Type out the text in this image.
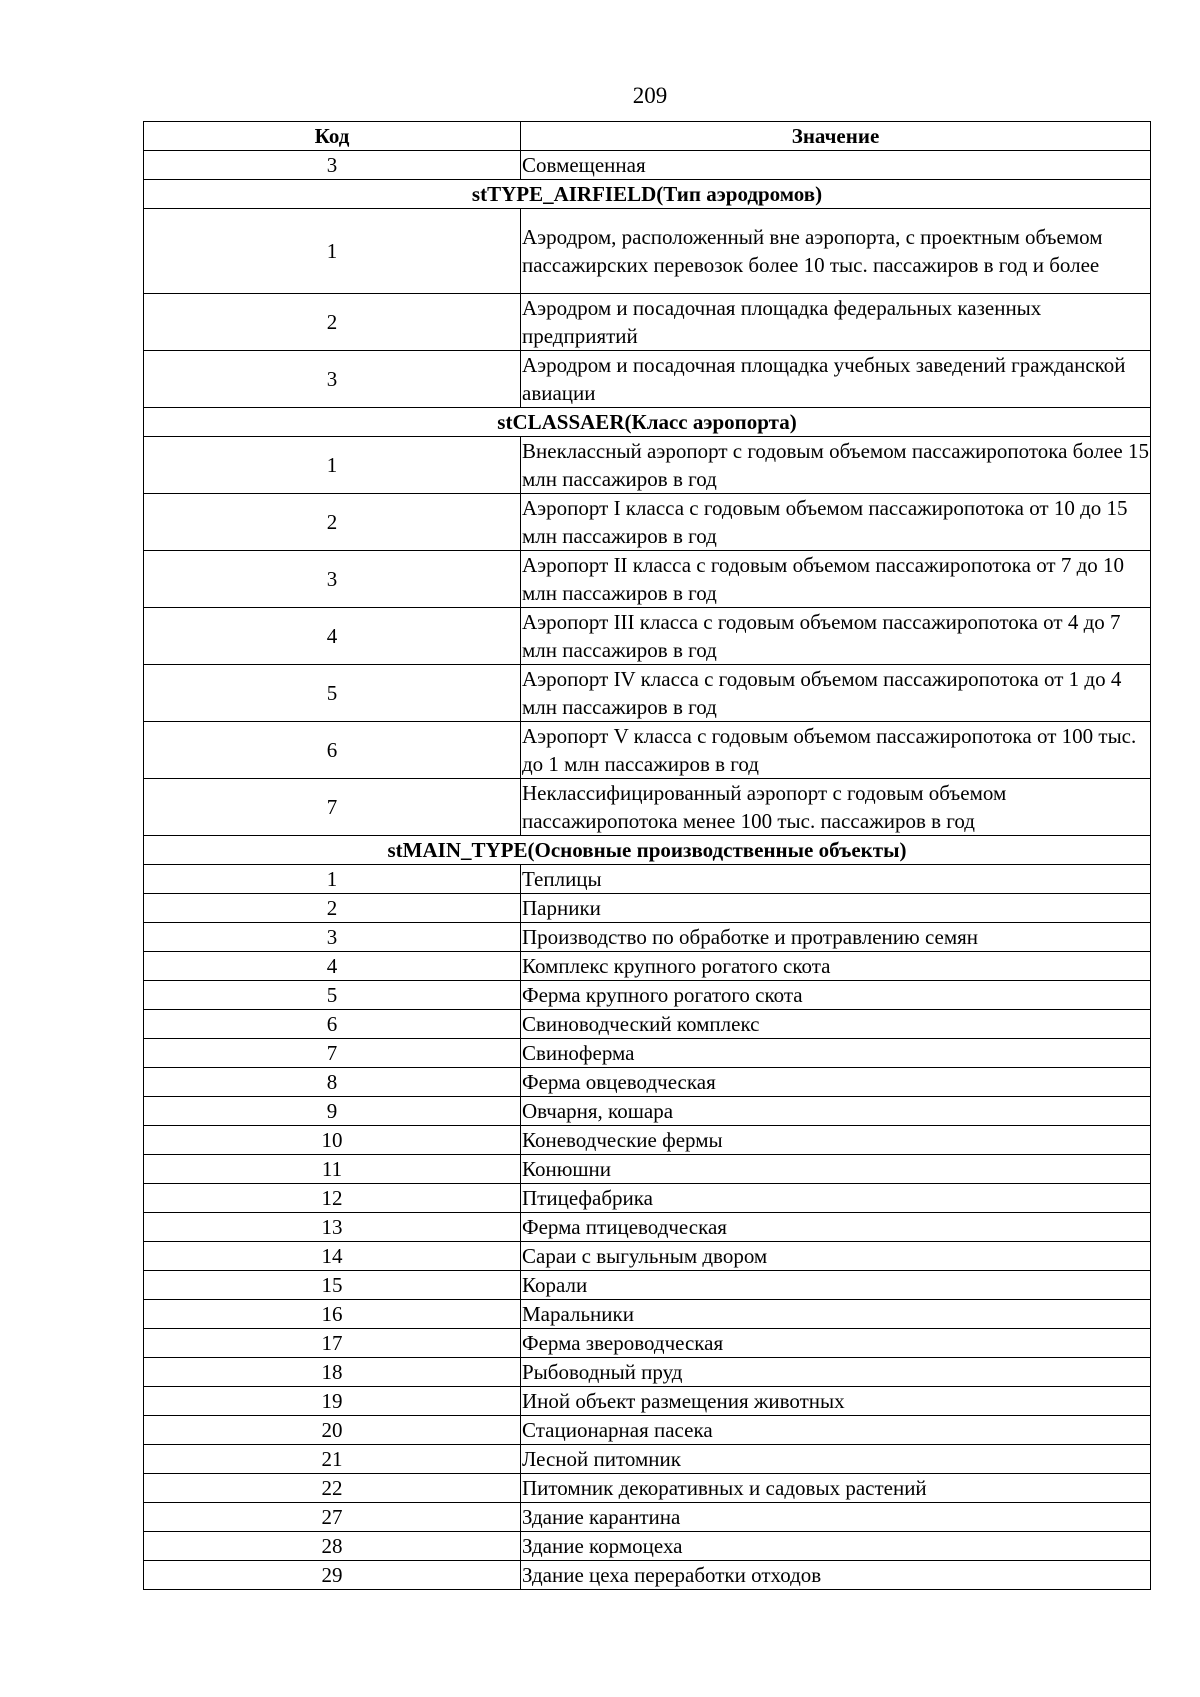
209
Код	Значение
3	Совмещенная
stTYPE_AIRFIELD(Тип аэродромов)	
1	Аэродром, расположенный вне аэропорта, с проектным объемом пассажирских перевозок более 10 тыс. пассажиров в год и более
2	Аэродром и посадочная площадка федеральных казенных предприятий
3	Аэродром и посадочная площадка учебных заведений гражданской авиации
stCLASSAER(Класс аэропорта)	
1	Внеклассный аэропорт с годовым объемом пассажиропотока более 15 млн пассажиров в год
2	Аэропорт I класса с годовым объемом пассажиропотока от 10 до 15 млн пассажиров в год
3	Аэропорт II класса с годовым объемом пассажиропотока от 7 до 10 млн пассажиров в год
4	Аэропорт III класса с годовым объемом пассажиропотока от 4 до 7 млн пассажиров в год
5	Аэропорт IV класса с годовым объемом пассажиропотока от 1 до 4 млн пассажиров в год
6	Аэропорт V класса с годовым объемом пассажиропотока от 100 тыс. до 1 млн пассажиров в год
7	Неклассифицированный аэропорт с годовым объемом пассажиропотока менее 100 тыс. пассажиров в год
stMAIN_TYPE(Основные производственные объекты)	
1	Теплицы
2	Парники
3	Производство по обработке и протравлению семян
4	Комплекс крупного рогатого скота
5	Ферма крупного рогатого скота
6	Свиноводческий комплекс
7	Свиноферма
8	Ферма овцеводческая
9	Овчарня, кошара
10	Коневодческие фермы
11	Конюшни
12	Птицефабрика
13	Ферма птицеводческая
14	Сараи с выгульным двором
15	Корали
16	Маральники
17	Ферма звероводческая
18	Рыбоводный пруд
19	Иной объект размещения животных
20	Стационарная пасека
21	Лесной питомник
22	Питомник декоративных и садовых растений
27	Здание карантина
28	Здание кормоцеха
29	Здание цеха переработки отходов
